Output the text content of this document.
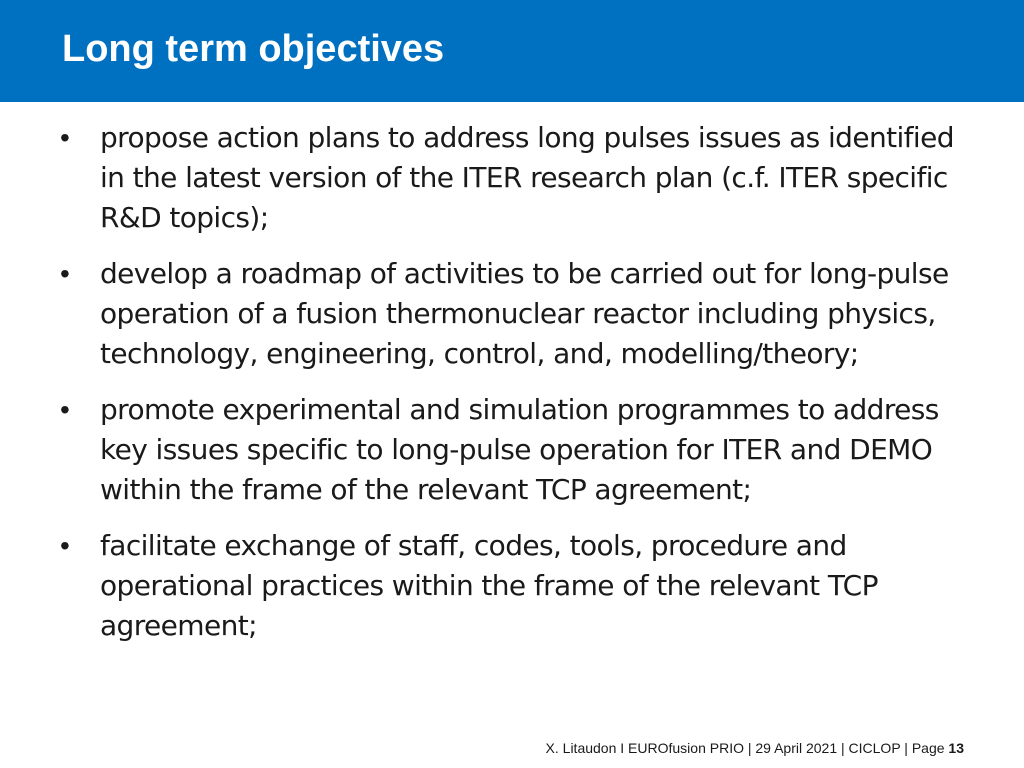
Long term objectives
•	propose action plans to address long pulses issues as identified in the latest version of the ITER research plan (c.f. ITER specific R&D topics);
•	develop a roadmap of activities to be carried out for long-pulse operation of a fusion thermonuclear reactor including physics, technology, engineering, control, and, modelling/theory;
•	promote experimental and simulation programmes to address key issues specific to long-pulse operation for ITER and DEMO within the frame of the relevant TCP agreement;
•	facilitate exchange of staff, codes, tools, procedure and operational practices within the frame of the relevant TCP agreement;
X. Litaudon I EUROfusion PRIO | 29 April 2021 | CICLOP | Page 13
